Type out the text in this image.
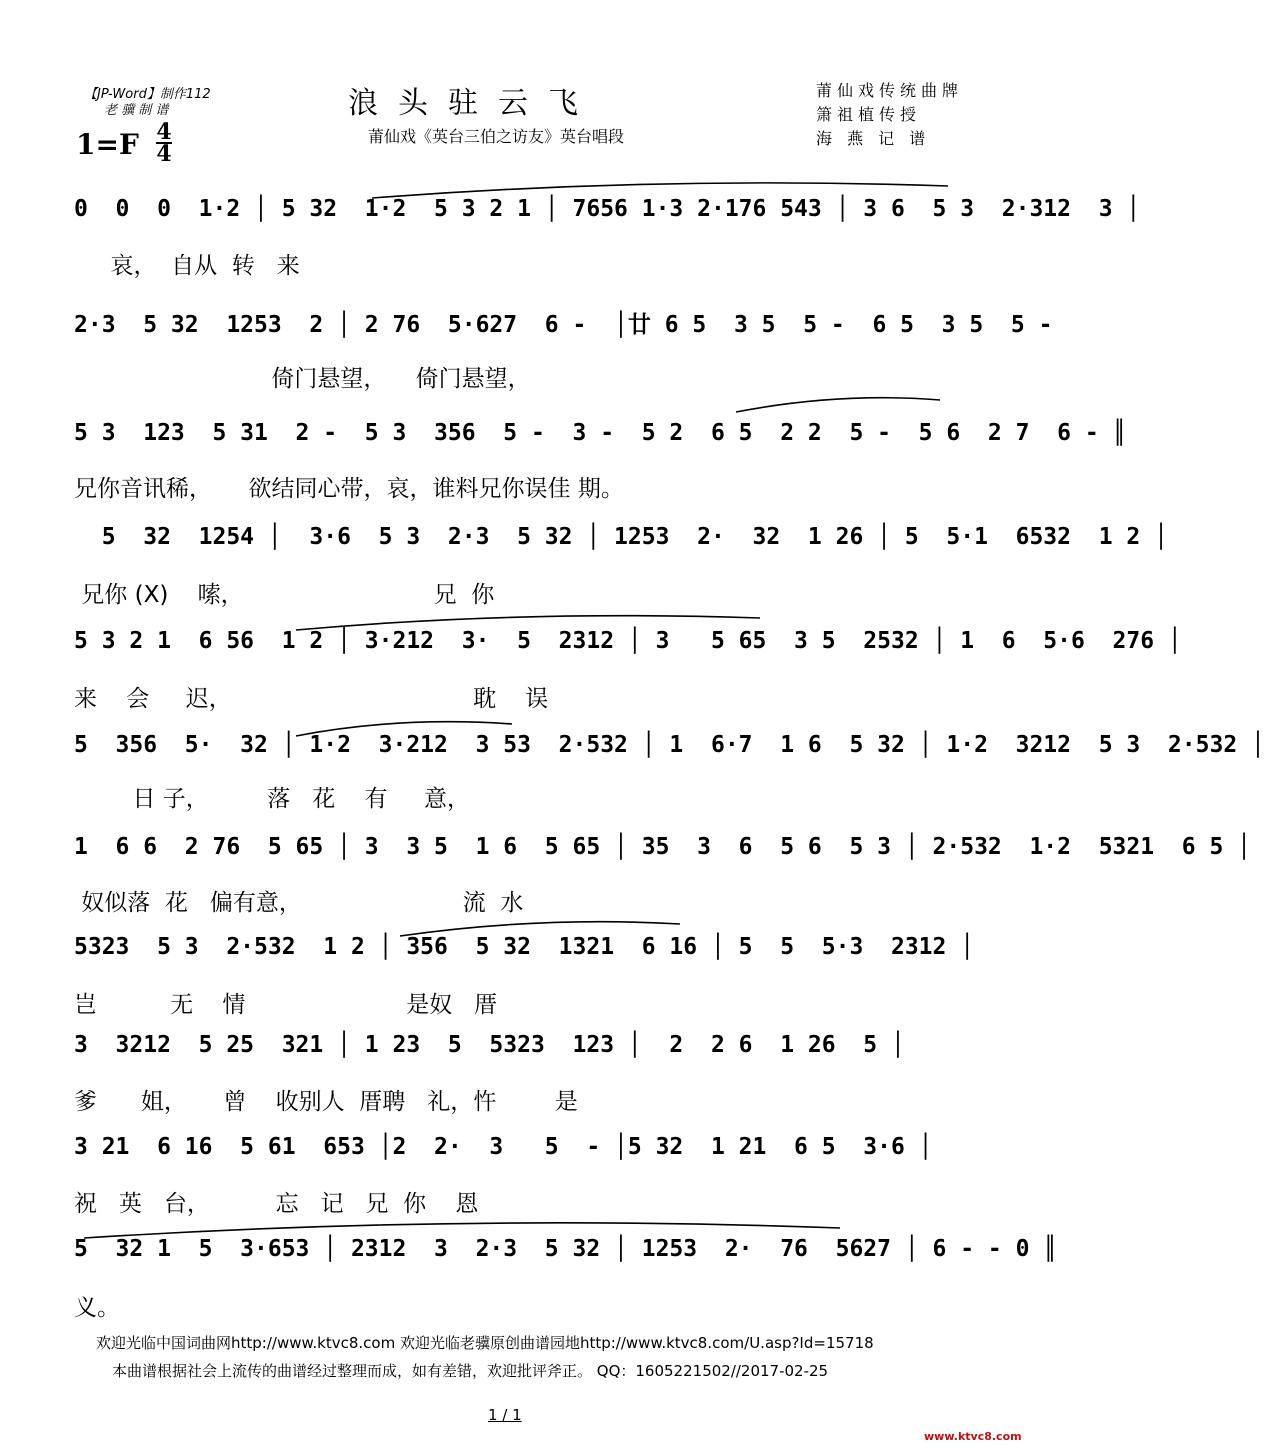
【JP-Word】制作112
老 骥 制 谱	浪头驻云飞
莆仙戏《英台三伯之访友》英台唱段
莆仙戏传统曲牌
箫祖植传授
海 燕 记 谱
1=F 4
4
0  0  0  1·2 │ 5 32  1·2  5 3 2 1 │ 7656 1·3 2·176 543 │ 3 6  5 3  2·312  3 │
哀，  自从  转   来
2·3  5 32  1253  2 │ 2 76  5·627  6 -  │廿 6 5  3 5  5 -  6 5  3 5  5 -
倚门悬望，    倚门悬望，
5 3  123  5 31  2 -  5 3  356  5 -  3 -  5 2  6 5  2 2  5 -  5 6  2 7  6 - ║
兄你音讯稀，     欲结同心带，哀，谁料兄你误佳 期。
5  32  1254 │  3·6  5 3  2·3  5 32 │ 1253  2·  32  1 26 │ 5  5·1  6532  1 2 │
兄你 (X)    嗦，                          兄  你
5 3 2 1  6 56  1 2 │ 3·212  3·  5  2312 │ 3   5 65  3 5  2532 │ 1  6  5·6  276 │
来    会     迟，                                 耽    误
5  356  5·  32 │ 1·2  3·212  3 53  2·532 │ 1  6·7  1 6  5 32 │ 1·2  3212  5 3  2·532 │
日 子，        落   花    有     意，
1  6 6  2 76  5 65 │ 3  3 5  1 6  5 65 │ 35  3  6  5 6  5 3 │ 2·532  1·2  5321  6 5 │
奴似落  花   偏有意，                      流  水
5323  5 3  2·532  1 2 │ 356  5 32  1321  6 16 │ 5  5  5·3  2312 │
岂          无    情                      是奴   厝
3  3212  5 25  321 │ 1 23  5  5323  123 │  2  2 6  1 26  5 │
爹      姐，     曾    收别人  厝聘   礼，忤        是
3 21  6 16  5 61  653 │2  2·  3   5  - │5 32  1 21  6 5  3·6 │
祝   英   台，         忘   记   兄  你    恩
5  32 1  5  3·653 │ 2312  3  2·3  5 32 │ 1253  2·  76  5627 │ 6 - - 0 ║
义。
欢迎光临中国词曲网http://www.ktvc8.com 欢迎光临老骥原创曲谱园地http://www.ktvc8.com/U.asp?Id=15718
本曲谱根据社会上流传的曲谱经过整理而成，如有差错，欢迎批评斧正。 QQ：1605221502//2017-02-25
1 / 1
www.ktvc8.com
